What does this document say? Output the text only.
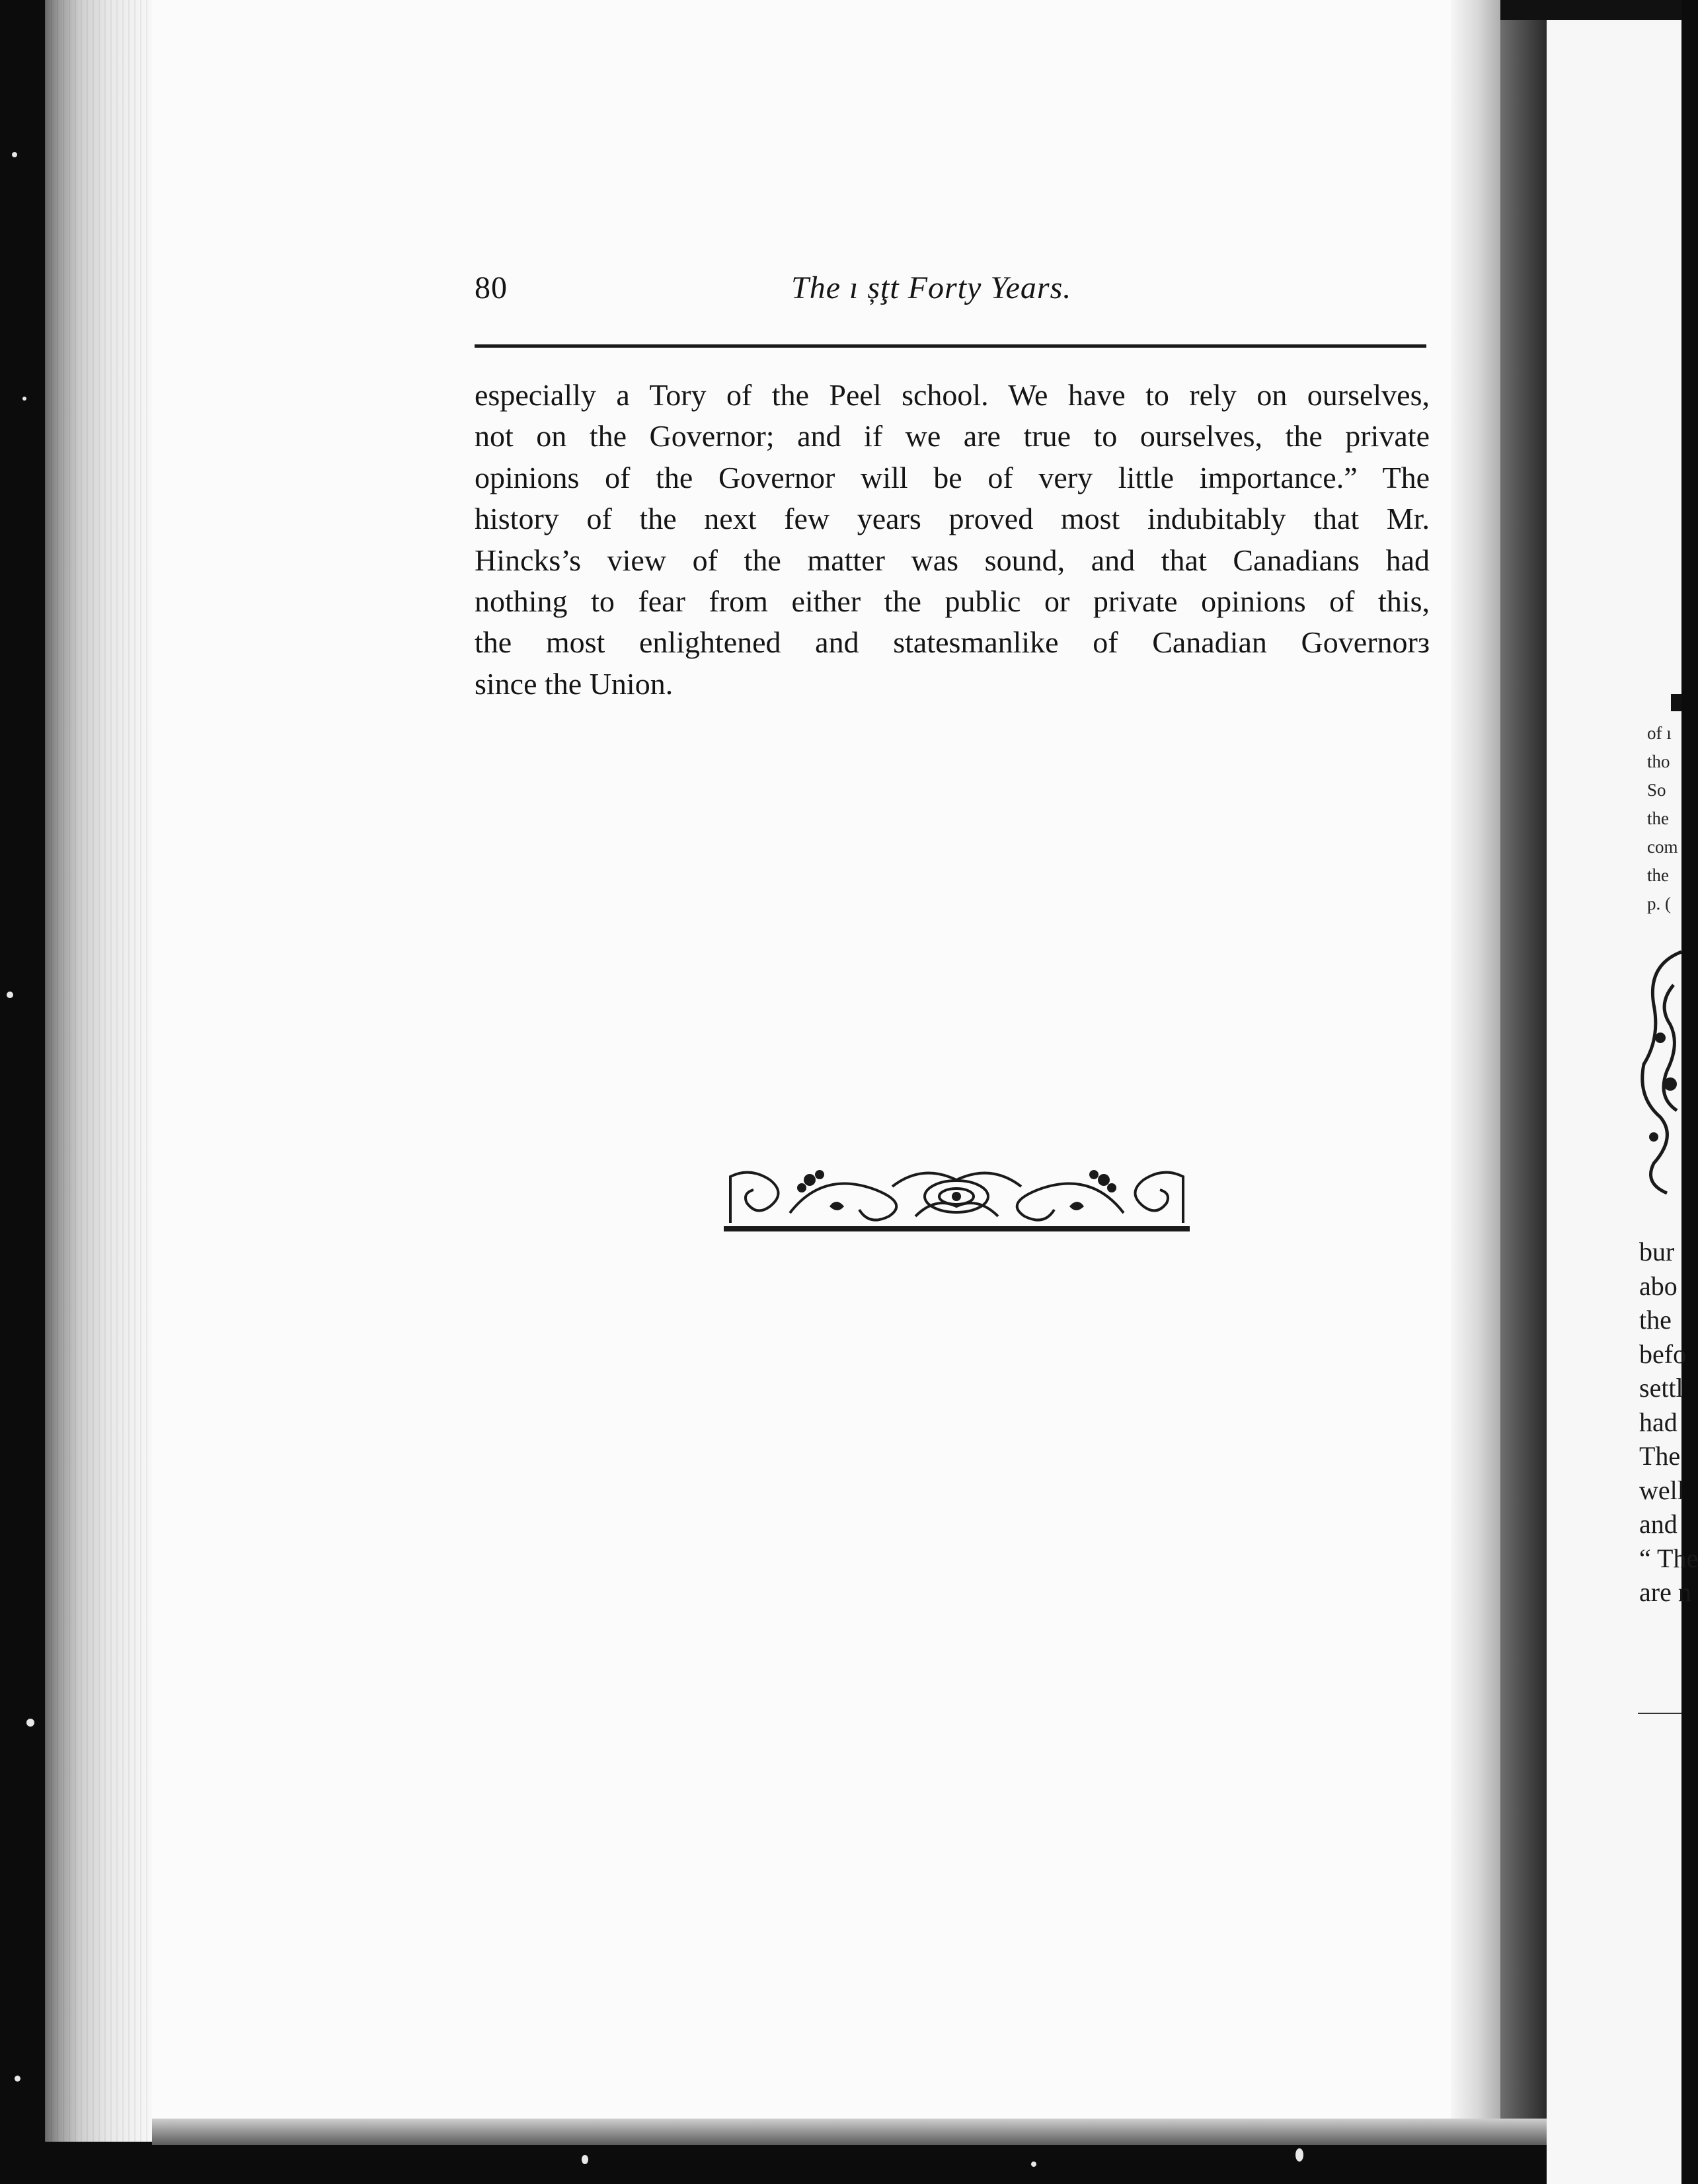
80	The ı șţt Forty Years.
especially a Tory of the Peel school. We have to rely on ourselves,
not on the Governor; and if we are true to ourselves, the private
opinions of the Governor will be of very little importance.” The
history of the next few years proved most indubitably that Mr.
Hincks’s view of the matter was sound, and that Canadians had
nothing to fear from either the public or private opinions of this,
the most enlightened and statesmanlike of Canadian Governorз
since the Union.
of ı
tho
So
the
com
the
p. (
bur
abo
the
befo
settl
had
The
well
and
“ The
are n
